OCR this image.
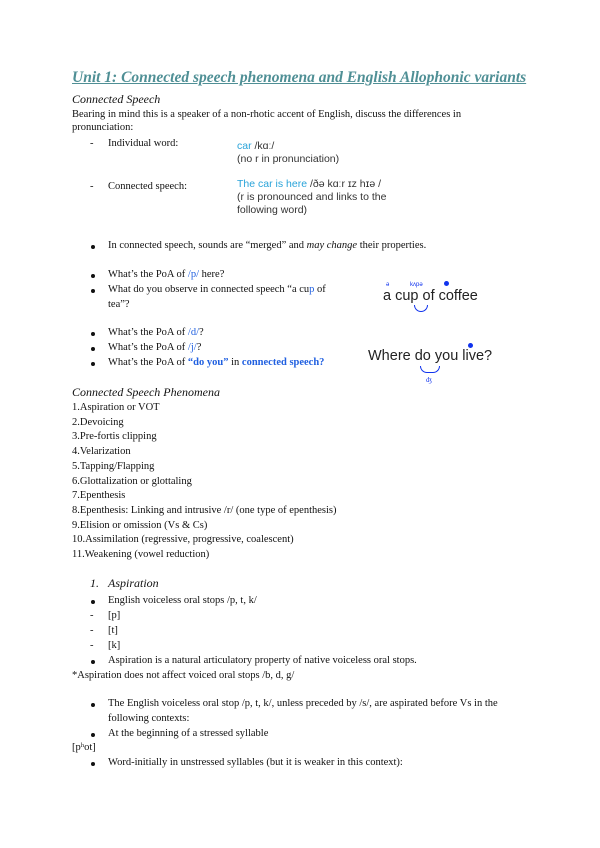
Unit 1: Connected speech phenomena and English Allophonic variants
Connected Speech
Bearing in mind this is a speaker of a non-rhotic accent of English, discuss the differences in
pronunciation:
- Individual word:	car /kɑː/
(no r in pronunciation)
- Connected speech:	The car is here /ðə kɑːr ɪz hɪə /
(r is pronounced and links to the
following word)
In connected speech, sounds are “merged” and may change their properties.
What’s the PoA of /p/ here?
What do you observe in connected speech “a cup of
tea”?
What’s the PoA of /d/?
What’s the PoA of /j/?
What’s the PoA of “do you” in connected speech?
ə	kʌpə
a cup of coffee
Where do you live?
ʤ
Connected Speech Phenomena
1.Aspiration or VOT
2.Devoicing
3.Pre-fortis clipping
4.Velarization
5.Tapping/Flapping
6.Glottalization or glottaling
7.Epenthesis
8.Epenthesis: Linking and intrusive /r/ (one type of epenthesis)
9.Elision or omission (Vs & Cs)
10.Assimilation (regressive, progressive, coalescent)
11.Weakening (vowel reduction)
1. Aspiration
English voiceless oral stops /p, t, k/
- [p]
- [t]
- [k]
Aspiration is a natural articulatory property of native voiceless oral stops.
*Aspiration does not affect voiced oral stops /b, d, g/
The English voiceless oral stop /p, t, k/, unless preceded by /s/, are aspirated before Vs in the
following contexts:
At the beginning of a stressed syllable
[pʰot]
Word-initially in unstressed syllables (but it is weaker in this context):
